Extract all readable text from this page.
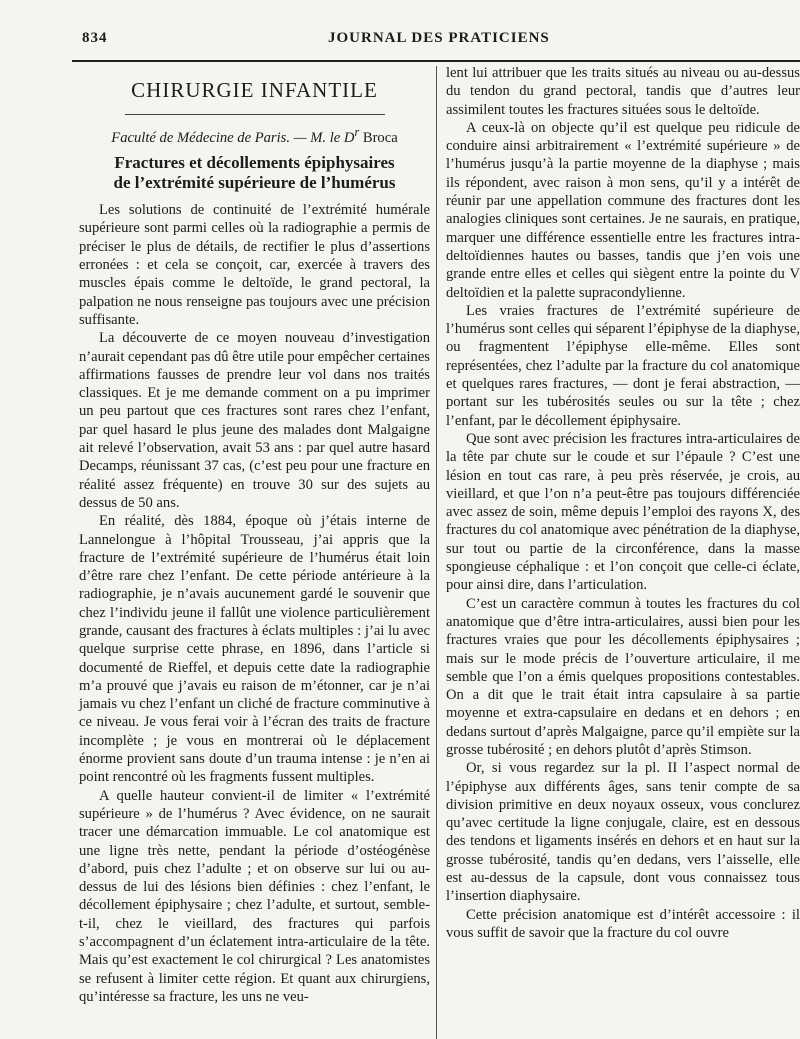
834	JOURNAL DES PRATICIENS
CHIRURGIE INFANTILE
Faculté de Médecine de Paris. — M. le $D^r$ Broca
Fractures et décollements épiphysaires
de l’extrémité supérieure de l’humérus

Les solutions de continuité de l’extrémité humérale supérieure sont parmi celles où la radiographie a permis de préciser le plus de détails, de rectifier le plus d’assertions erronées : et cela se conçoit, car, exercée à travers des muscles épais comme le deltoïde, le grand pectoral, la palpation ne nous renseigne pas toujours avec une précision suffisante.

La découverte de ce moyen nouveau d’investigation n’aurait cependant pas dû être utile pour empêcher certaines affirmations fausses de prendre leur vol dans nos traités classiques. Et je me demande comment on a pu imprimer un peu partout que ces fractures sont rares chez l’enfant, par quel hasard le plus jeune des malades dont Malgaigne ait relevé l’observation, avait 53 ans : par quel autre hasard Decamps, réunissant 37 cas, (c’est peu pour une fracture en réalité assez fréquente) en trouve 30 sur des sujets au dessus de 50 ans.

En réalité, dès 1884, époque où j’étais interne de Lannelongue à l’hôpital Trousseau, j’ai appris que la fracture de l’extrémité supérieure de l’humérus était loin d’être rare chez l’enfant. De cette période antérieure à la radiographie, je n’avais aucunement gardé le souvenir que chez l’individu jeune il fallût une violence particulièrement grande, causant des fractures à éclats multiples : j’ai lu avec quelque surprise cette phrase, en 1896, dans l’article si documenté de Rieffel, et depuis cette date la radiographie m’a prouvé que j’avais eu raison de m’étonner, car je n’ai jamais vu chez l’enfant un cliché de fracture comminutive à ce niveau. Je vous ferai voir à l’écran des traits de fracture incomplète ; je vous en montrerai où le déplacement énorme provient sans doute d’un trauma intense : je n’en ai point rencontré où les fragments fussent multiples.

A quelle hauteur convient-il de limiter « l’extrémité supérieure » de l’humérus ? Avec évidence, on ne saurait tracer une démarcation immuable. Le col anatomique est une ligne très nette, pendant la période d’ostéogénèse d’abord, puis chez l’adulte ; et on observe sur lui ou au-dessus de lui des lésions bien définies : chez l’enfant, le décollement épiphysaire ; chez l’adulte, et surtout, semble-t-il, chez le vieillard, des fractures qui parfois s’accompagnent d’un éclatement intra-articulaire de la tête. Mais qu’est exactement le col chirurgical ? Les anatomistes se refusent à limiter cette région. Et quant aux chirurgiens, qu’intéresse sa fracture, les uns ne veu-

lent lui attribuer que les traits situés au niveau ou au-dessus du tendon du grand pectoral, tandis que d’autres leur assimilent toutes les fractures situées sous le deltoïde.

A ceux-là on objecte qu’il est quelque peu ridicule de conduire ainsi arbitrairement « l’extrémité supérieure » de l’humérus jusqu’à la partie moyenne de la diaphyse ; mais ils répondent, avec raison à mon sens, qu’il y a intérêt de réunir par une appellation commune des fractures dont les analogies cliniques sont certaines. Je ne saurais, en pratique, marquer une différence essentielle entre les fractures intra-deltoïdiennes hautes ou basses, tandis que j’en vois une grande entre elles et celles qui siègent entre la pointe du V deltoïdien et la palette supracondylienne.

Les vraies fractures de l’extrémité supérieure de l’humérus sont celles qui séparent l’épiphyse de la diaphyse, ou fragmentent l’épiphyse elle-même. Elles sont représentées, chez l’adulte par la fracture du col anatomique et quelques rares fractures, — dont je ferai abstraction, — portant sur les tubérosités seules ou sur la tête ; chez l’enfant, par le décollement épiphysaire.

Que sont avec précision les fractures intra-articulaires de la tête par chute sur le coude et sur l’épaule ? C’est une lésion en tout cas rare, à peu près réservée, je crois, au vieillard, et que l’on n’a peut-être pas toujours différenciée avec assez de soin, même depuis l’emploi des rayons X, des fractures du col anatomique avec pénétration de la diaphyse, sur tout ou partie de la circonférence, dans la masse spongieuse céphalique : et l’on conçoit que celle-ci éclate, pour ainsi dire, dans l’articulation.

C’est un caractère commun à toutes les fractures du col anatomique que d’être intra-articulaires, aussi bien pour les fractures vraies que pour les décollements épiphysaires ; mais sur le mode précis de l’ouverture articulaire, il me semble que l’on a émis quelques propositions contestables. On a dit que le trait était intra capsulaire à sa partie moyenne et extra-capsulaire en dedans et en dehors ; en dedans surtout d’après Malgaigne, parce qu’il empiète sur la grosse tubérosité ; en dehors plutôt d’après Stimson.

Or, si vous regardez sur la pl. II l’aspect normal de l’épiphyse aux différents âges, sans tenir compte de sa division primitive en deux noyaux osseux, vous conclurez qu’avec certitude la ligne conjugale, claire, est en dessous des tendons et ligaments insérés en dehors et en haut sur la grosse tubérosité, tandis qu’en dedans, vers l’aisselle, elle est au-dessus de la capsule, dont vous connaissez tous l’insertion diaphysaire.

Cette précision anatomique est d’intérêt accessoire : il vous suffit de savoir que la fracture du col ouvre
